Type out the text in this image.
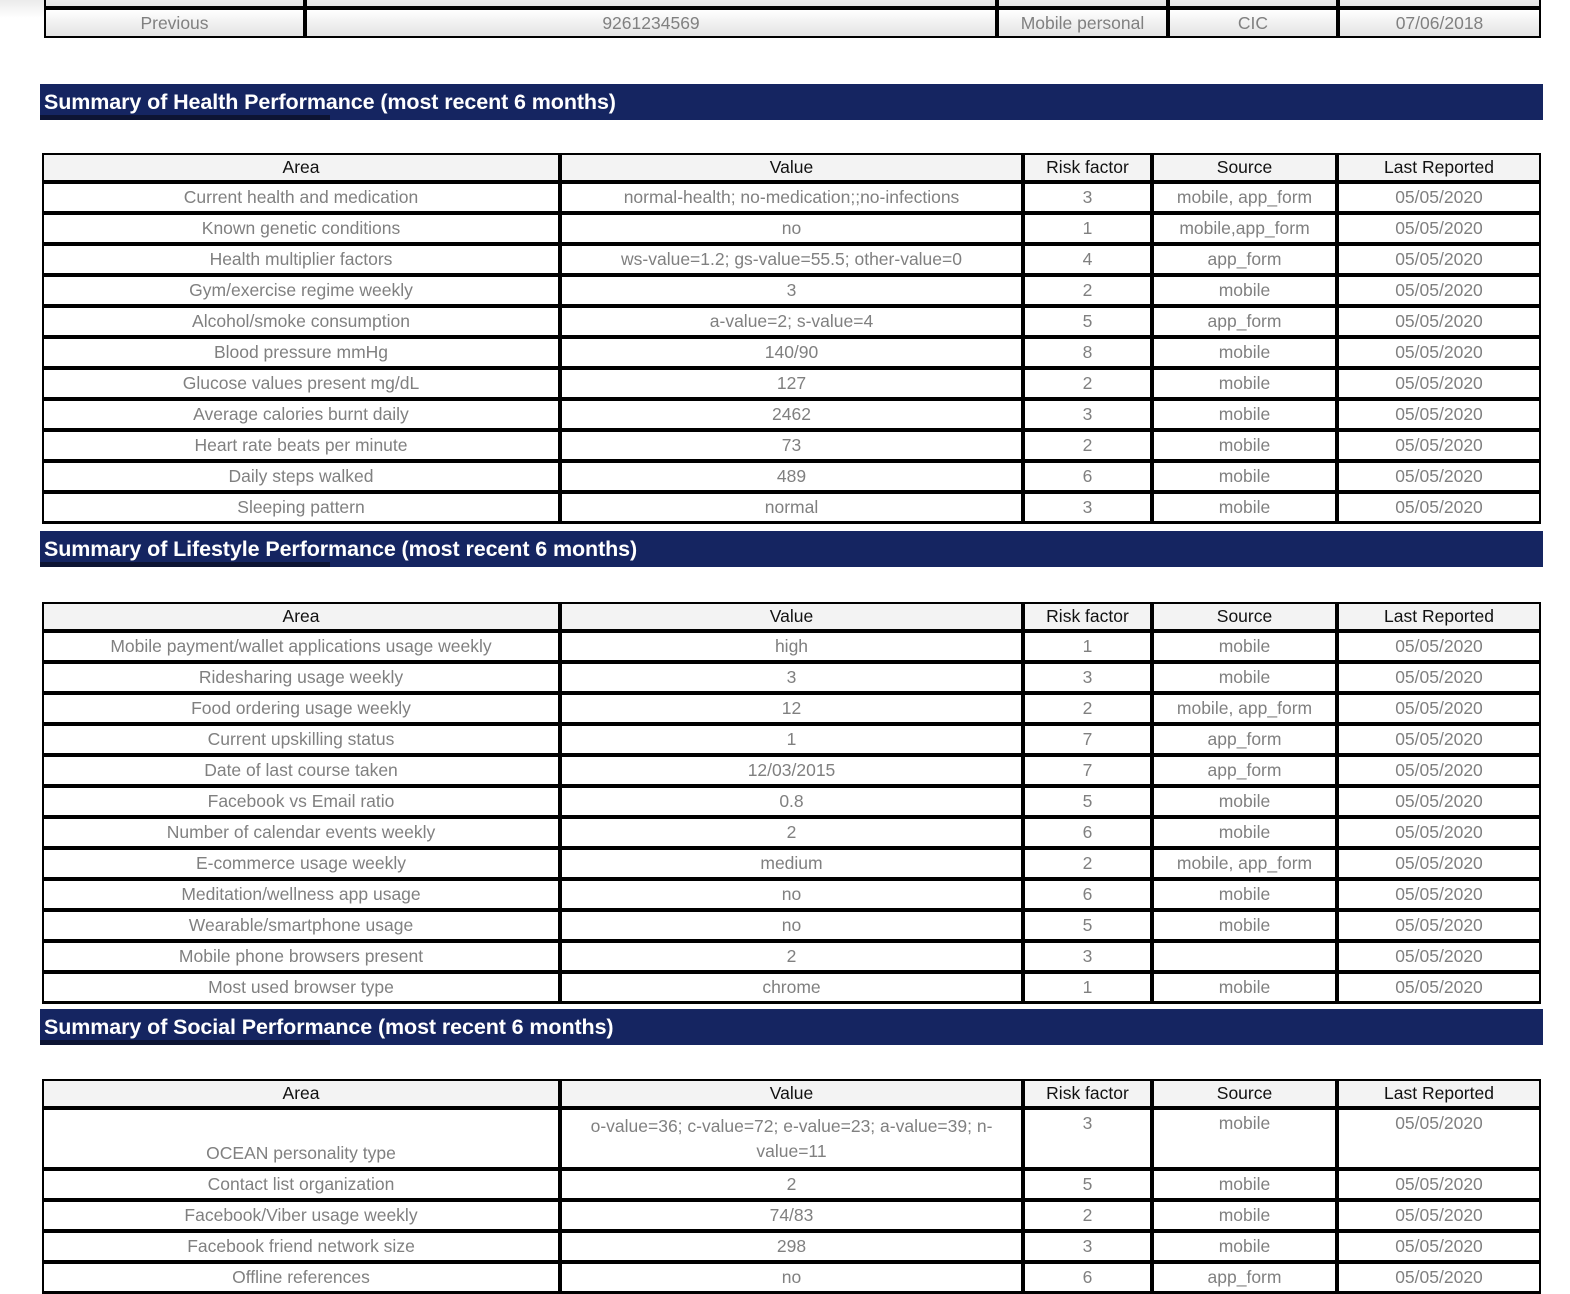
Previous	9261234569	Mobile personal	CIC	07/06/2018
Summary of Health Performance (most recent 6 months)
Area	Value	Risk factor	Source	Last Reported
Current health and medication	normal-health; no-medication;;no-infections	3	mobile, app_form	05/05/2020
Known genetic conditions	no	1	mobile,app_form	05/05/2020
Health multiplier factors	ws-value=1.2; gs-value=55.5; other-value=0	4	app_form	05/05/2020
Gym/exercise regime weekly	3	2	mobile	05/05/2020
Alcohol/smoke consumption	a-value=2; s-value=4	5	app_form	05/05/2020
Blood pressure mmHg	140/90	8	mobile	05/05/2020
Glucose values present mg/dL	127	2	mobile	05/05/2020
Average calories burnt daily	2462	3	mobile	05/05/2020
Heart rate beats per minute	73	2	mobile	05/05/2020
Daily steps walked	489	6	mobile	05/05/2020
Sleeping pattern	normal	3	mobile	05/05/2020
Summary of Lifestyle Performance (most recent 6 months)
Area	Value	Risk factor	Source	Last Reported
Mobile payment/wallet applications usage weekly	high	1	mobile	05/05/2020
Ridesharing usage weekly	3	3	mobile	05/05/2020
Food ordering usage weekly	12	2	mobile, app_form	05/05/2020
Current upskilling status	1	7	app_form	05/05/2020
Date of last course taken	12/03/2015	7	app_form	05/05/2020
Facebook vs Email ratio	0.8	5	mobile	05/05/2020
Number of calendar events weekly	2	6	mobile	05/05/2020
E-commerce usage weekly	medium	2	mobile, app_form	05/05/2020
Meditation/wellness app usage	no	6	mobile	05/05/2020
Wearable/smartphone usage	no	5	mobile	05/05/2020
Mobile phone browsers present	2	3		05/05/2020
Most used browser type	chrome	1	mobile	05/05/2020
Summary of Social Performance (most recent 6 months)
Area	Value	Risk factor	Source	Last Reported
OCEAN personality type	o-value=36; c-value=72; e-value=23; a-value=39; n-value=11	3	mobile	05/05/2020
Contact list organization	2	5	mobile	05/05/2020
Facebook/Viber usage weekly	74/83	2	mobile	05/05/2020
Facebook friend network size	298	3	mobile	05/05/2020
Offline references	no	6	app_form	05/05/2020
